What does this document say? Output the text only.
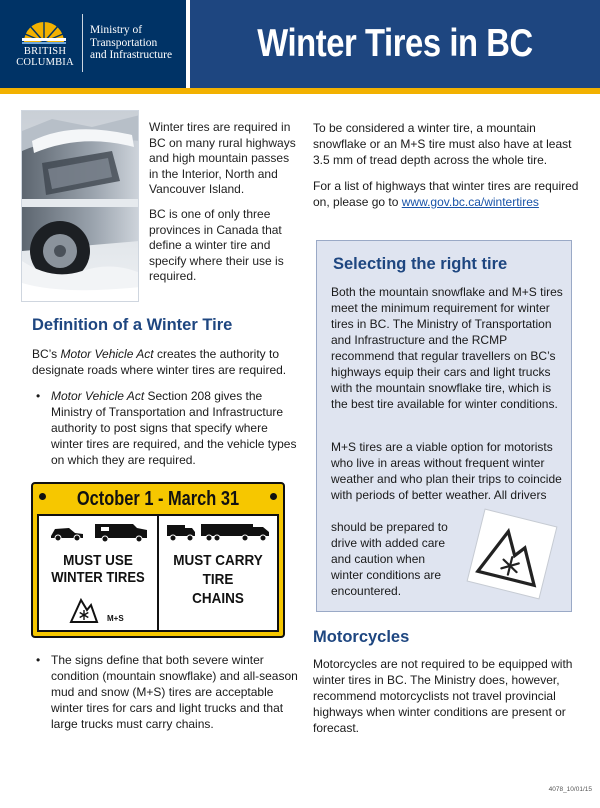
BRITISH
COLUMBIA
Ministry of
Transportation
and Infrastructure	Winter Tires in BC

Winter tires are required in BC on many rural highways and high mountain passes in the Interior, North and Vancouver Island.

BC is one of only three provinces in Canada that define a winter tire and specify where their use is required.

Definition of a Winter Tire
BC’s Motor Vehicle Act creates the authority to designate roads where winter tires are required.
• Motor Vehicle Act Section 208 gives the Ministry of Transportation and Infrastructure authority to post signs that specify where winter tires are required, and the vehicle types on which they are required.
October 1 - March 31
MUST USE
WINTER TIRES
M+S
MUST CARRY
TIRE
CHAINS
• The signs define that both severe winter condition (mountain snowflake) and all-season mud and snow (M+S) tires are acceptable winter tires for cars and light trucks and that large trucks must carry chains.
To be considered a winter tire, a mountain snowflake or an M+S tire must also have at least 3.5 mm of tread depth across the whole tire.
For a list of highways that winter tires are required on, please go to www.gov.bc.ca/wintertires
Selecting the right tire
Both the mountain snowflake and M+S tires meet the minimum requirement for winter tires in BC. The Ministry of Transportation and Infrastructure and the RCMP recommend that regular travellers on BC’s highways equip their cars and light trucks with the mountain snowflake tire, which is the best tire available for winter conditions.
M+S tires are a viable option for motorists who live in areas without frequent winter weather and who plan their trips to coincide with periods of better weather. All drivers
should be prepared to drive with added care and caution when winter conditions are encountered.
Motorcycles
Motorcycles are not required to be equipped with winter tires in BC. The Ministry does, however, recommend motorcyclists not travel provincial highways when winter conditions are present or forecast.
4078_10/01/15
